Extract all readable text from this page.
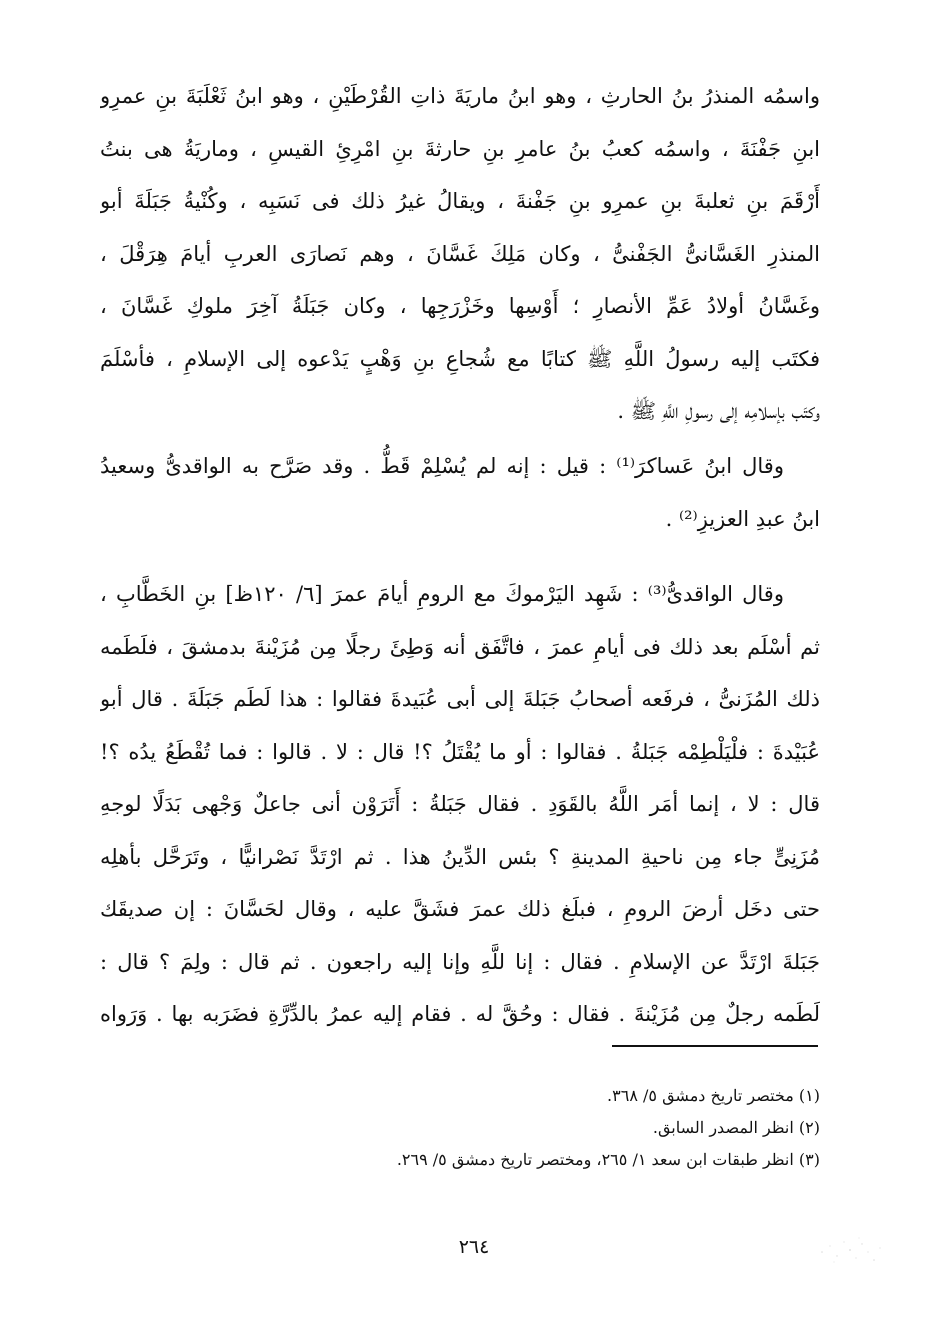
واسمُه المنذرُ بنُ الحارثِ ، وهو ابنُ ماريَةَ ذاتِ القُرْطَيْنِ ، وهو ابنُ ثَعْلَبَةَ بنِ عمرِو
ابنِ جَفْنَةَ ، واسمُه كعبُ بنُ عامرِ بنِ حارثةَ بنِ امْرِئِ القيسِ ، وماريَةُ هى بنتُ
أَرْقَمَ بنِ ثعلبةَ بنِ عمرِو بنِ جَفْنةَ ، ويقالُ غيرُ ذلك فى نَسَبِه ، وكُنْيةُ جَبَلَةَ أبو
المنذرِ الغَسَّانىُّ الجَفْنىُّ ، وكان مَلِكَ غَسَّانَ ، وهم نَصارَى العربِ أيامَ هِرَقْلَ ،
وغَسَّانُ أولادُ عَمِّ الأنصارِ ؛ أَوْسِها وخَزْرَجِها ، وكان جَبَلَةُ آخِرَ ملوكِ غَسَّانَ ،
فكتَب إليه رسولُ اللَّهِ ﷺ كتابًا مع شُجاعِ بنِ وَهْبٍ يَدْعوه إلى الإسلامِ ، فأسْلَمَ
وكتَب بإسلامِه إلى رسولِ اللَّهِ ﷺ .
وقال ابنُ عَساكرَ⁽¹⁾ : قيل : إنه لم يُسْلِمْ قَطُّ . وقد صَرَّح به الواقدىُّ وسعيدُ
ابنُ عبدِ العزيزِ⁽²⁾ .
وقال الواقدىُّ⁽³⁾ : شَهِد اليَرْموكَ مع الرومِ أيامَ عمرَ [٦/ ١٢٠ظ] بنِ الخَطَّابِ ،
ثم أسْلَم بعد ذلك فى أيامِ عمرَ ، فاتَّفَق أنه وَطِئَ رجلًا مِن مُزَيْنةَ بدمشقَ ، فلَطَمه
ذلك المُزَنىُّ ، فرفَعه أصحابُ جَبَلةَ إلى أبى عُبَيدةَ فقالوا : هذا لَطَم جَبَلَةَ . قال أبو
عُبَيْدةَ : فلْيَلْطِمْه جَبَلةُ . فقالوا : أو ما يُقْتَلُ ؟! قال : لا . قالوا : فما تُقْطَعُ يدُه ؟!
قال : لا ، إنما أمَر اللَّهُ بالقَوَدِ . فقال جَبَلةُ : أَتَرَوْن أنى جاعلٌ وَجْهى بَدَلًا لوجهِ
مُزَنِىٍّ جاء مِن ناحيةِ المدينةِ ؟ بئس الدِّينُ هذا . ثم ارْتَدَّ نَصْرانيًّا ، وتَرَحَّل بأهلِه
حتى دخَل أرضَ الرومِ ، فبلَغ ذلك عمرَ فشَقَّ عليه ، وقال لحَسَّانَ : إن صديقَك
جَبَلةَ ارْتَدَّ عن الإسلامِ . فقال : إنا للَّهِ وإنا إليه راجعون . ثم قال : ولِمَ ؟ قال :
لَطَمه رجلٌ مِن مُزَيْنةَ . فقال : وحُقَّ له . فقام إليه عمرُ بالدِّرَّةِ فضَرَبه بها . وَرَواه
(١) مختصر تاريخ دمشق ٥/ ٣٦٨.
(٢) انظر المصدر السابق.
(٣) انظر طبقات ابن سعد ١/ ٢٦٥، ومختصر تاريخ دمشق ٥/ ٢٦٩.
٢٦٤
